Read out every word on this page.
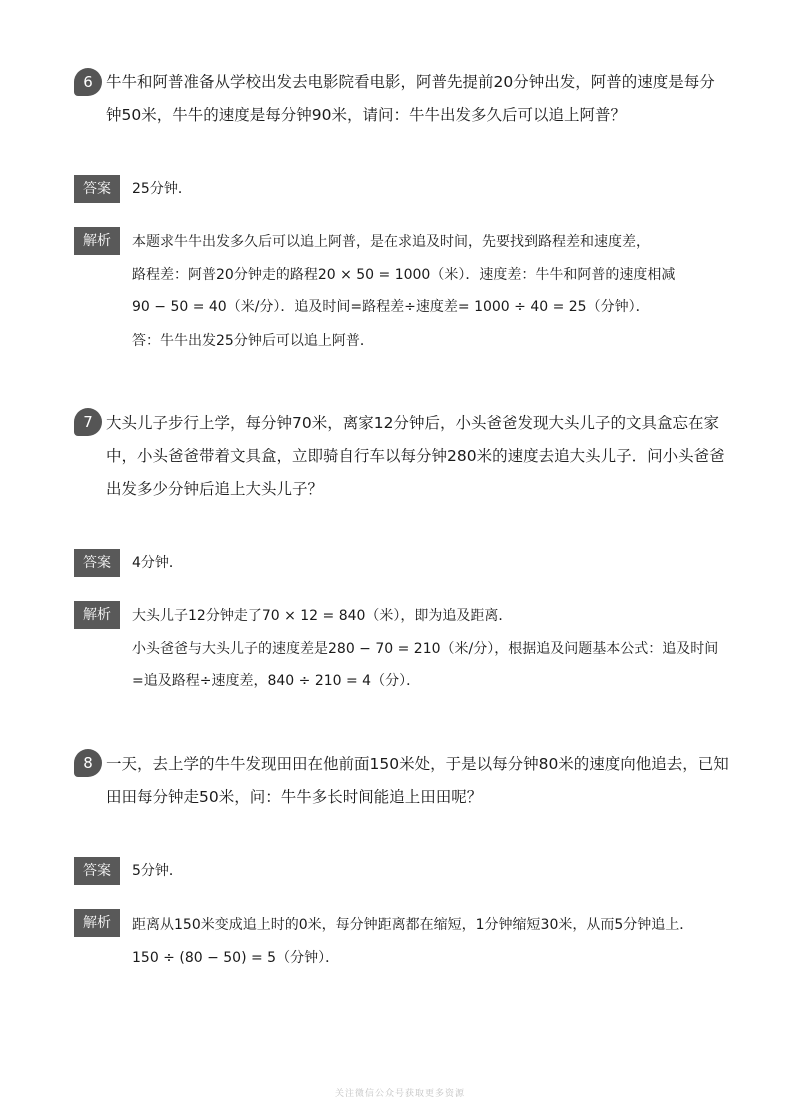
6 牛牛和阿普准备从学校出发去电影院看电影，阿普先提前20分钟出发，阿普的速度是每分
钟50米，牛牛的速度是每分钟90米，请问：牛牛出发多久后可以追上阿普？
答案	25分钟．
解析	本题求牛牛出发多久后可以追上阿普，是在求追及时间，先要找到路程差和速度差，
路程差：阿普20分钟走的路程20 × 50 = 1000（米）．速度差：牛牛和阿普的速度相减
90 − 50 = 40（米/分）．追及时间=路程差÷速度差= 1000 ÷ 40 = 25（分钟）．
答：牛牛出发25分钟后可以追上阿普．
7 大头儿子步行上学，每分钟70米，离家12分钟后，小头爸爸发现大头儿子的文具盒忘在家
中，小头爸爸带着文具盒，立即骑自行车以每分钟280米的速度去追大头儿子．问小头爸爸
出发多少分钟后追上大头儿子？
答案	4分钟．
解析	大头儿子12分钟走了70 × 12 = 840（米），即为追及距离．
小头爸爸与大头儿子的速度差是280 − 70 = 210（米/分），根据追及问题基本公式：追及时间
=追及路程÷速度差，840 ÷ 210 = 4（分）．
8 一天，去上学的牛牛发现田田在他前面150米处，于是以每分钟80米的速度向他追去，已知
田田每分钟走50米，问：牛牛多长时间能追上田田呢？
答案	5分钟．
解析	距离从150米变成追上时的0米，每分钟距离都在缩短，1分钟缩短30米，从而5分钟追上．
150 ÷ (80 − 50) = 5（分钟）．
关注微信公众号获取更多资源
